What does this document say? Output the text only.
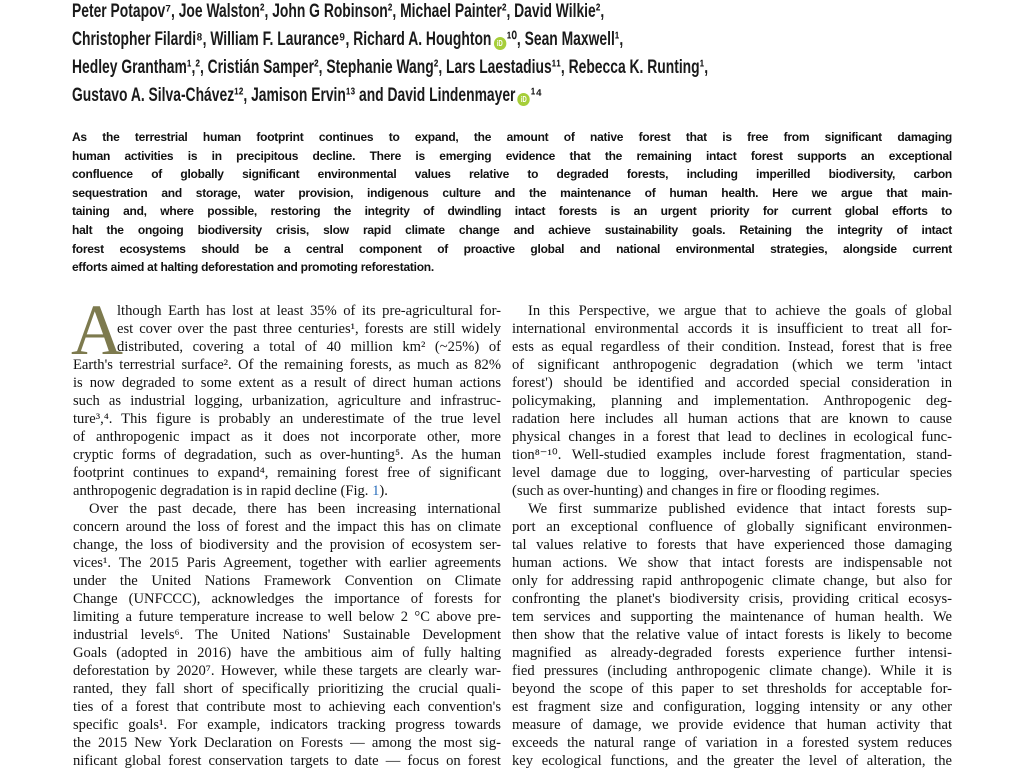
Peter Potapov⁷, Joe Walston², John G Robinson², Michael Painter², David Wilkie²,
Christopher Filardi⁸, William F. Laurance⁹, Richard A. Houghton iD ¹⁰, Sean Maxwell¹,
Hedley Grantham¹,², Cristián Samper², Stephanie Wang², Lars Laestadius¹¹, Rebecca K. Runting¹,
Gustavo A. Silva-Chávez¹², Jamison Ervin¹³ and David Lindenmayer iD ¹⁴
As the terrestrial human footprint continues to expand, the amount of native forest that is free from significant damaging
human activities is in precipitous decline. There is emerging evidence that the remaining intact forest supports an exceptional
confluence of globally significant environmental values relative to degraded forests, including imperilled biodiversity, carbon
sequestration and storage, water provision, indigenous culture and the maintenance of human health. Here we argue that main-
taining and, where possible, restoring the integrity of dwindling intact forests is an urgent priority for current global efforts to
halt the ongoing biodiversity crisis, slow rapid climate change and achieve sustainability goals. Retaining the integrity of intact
forest ecosystems should be a central component of proactive global and national environmental strategies, alongside current
efforts aimed at halting deforestation and promoting reforestation.
A
lthough Earth has lost at least 35% of its pre-agricultural for-
est cover over the past three centuries¹, forests are still widely
distributed, covering a total of 40 million km² (~25%) of
Earth's terrestrial surface². Of the remaining forests, as much as 82%
is now degraded to some extent as a result of direct human actions
such as industrial logging, urbanization, agriculture and infrastruc-
ture³,⁴. This figure is probably an underestimate of the true level
of anthropogenic impact as it does not incorporate other, more
cryptic forms of degradation, such as over-hunting⁵. As the human
footprint continues to expand⁴, remaining forest free of significant
anthropogenic degradation is in rapid decline (Fig. 1).
Over the past decade, there has been increasing international
concern around the loss of forest and the impact this has on climate
change, the loss of biodiversity and the provision of ecosystem ser-
vices¹. The 2015 Paris Agreement, together with earlier agreements
under the United Nations Framework Convention on Climate
Change (UNFCCC), acknowledges the importance of forests for
limiting a future temperature increase to well below 2 °C above pre-
industrial levels⁶. The United Nations' Sustainable Development
Goals (adopted in 2016) have the ambitious aim of fully halting
deforestation by 2020⁷. However, while these targets are clearly war-
ranted, they fall short of specifically prioritizing the crucial quali-
ties of a forest that contribute most to achieving each convention's
specific goals¹. For example, indicators tracking progress towards
the 2015 New York Declaration on Forests — among the most sig-
nificant global forest conservation targets to date — focus on forest
In this Perspective, we argue that to achieve the goals of global
international environmental accords it is insufficient to treat all for-
ests as equal regardless of their condition. Instead, forest that is free
of significant anthropogenic degradation (which we term 'intact
forest') should be identified and accorded special consideration in
policymaking, planning and implementation. Anthropogenic deg-
radation here includes all human actions that are known to cause
physical changes in a forest that lead to declines in ecological func-
tion⁸⁻¹⁰. Well-studied examples include forest fragmentation, stand-
level damage due to logging, over-harvesting of particular species
(such as over-hunting) and changes in fire or flooding regimes.
We first summarize published evidence that intact forests sup-
port an exceptional confluence of globally significant environmen-
tal values relative to forests that have experienced those damaging
human actions. We show that intact forests are indispensable not
only for addressing rapid anthropogenic climate change, but also for
confronting the planet's biodiversity crisis, providing critical ecosys-
tem services and supporting the maintenance of human health. We
then show that the relative value of intact forests is likely to become
magnified as already-degraded forests experience further intensi-
fied pressures (including anthropogenic climate change). While it is
beyond the scope of this paper to set thresholds for acceptable for-
est fragment size and configuration, logging intensity or any other
measure of damage, we provide evidence that human activity that
exceeds the natural range of variation in a forested system reduces
key ecological functions, and the greater the level of alteration, the
